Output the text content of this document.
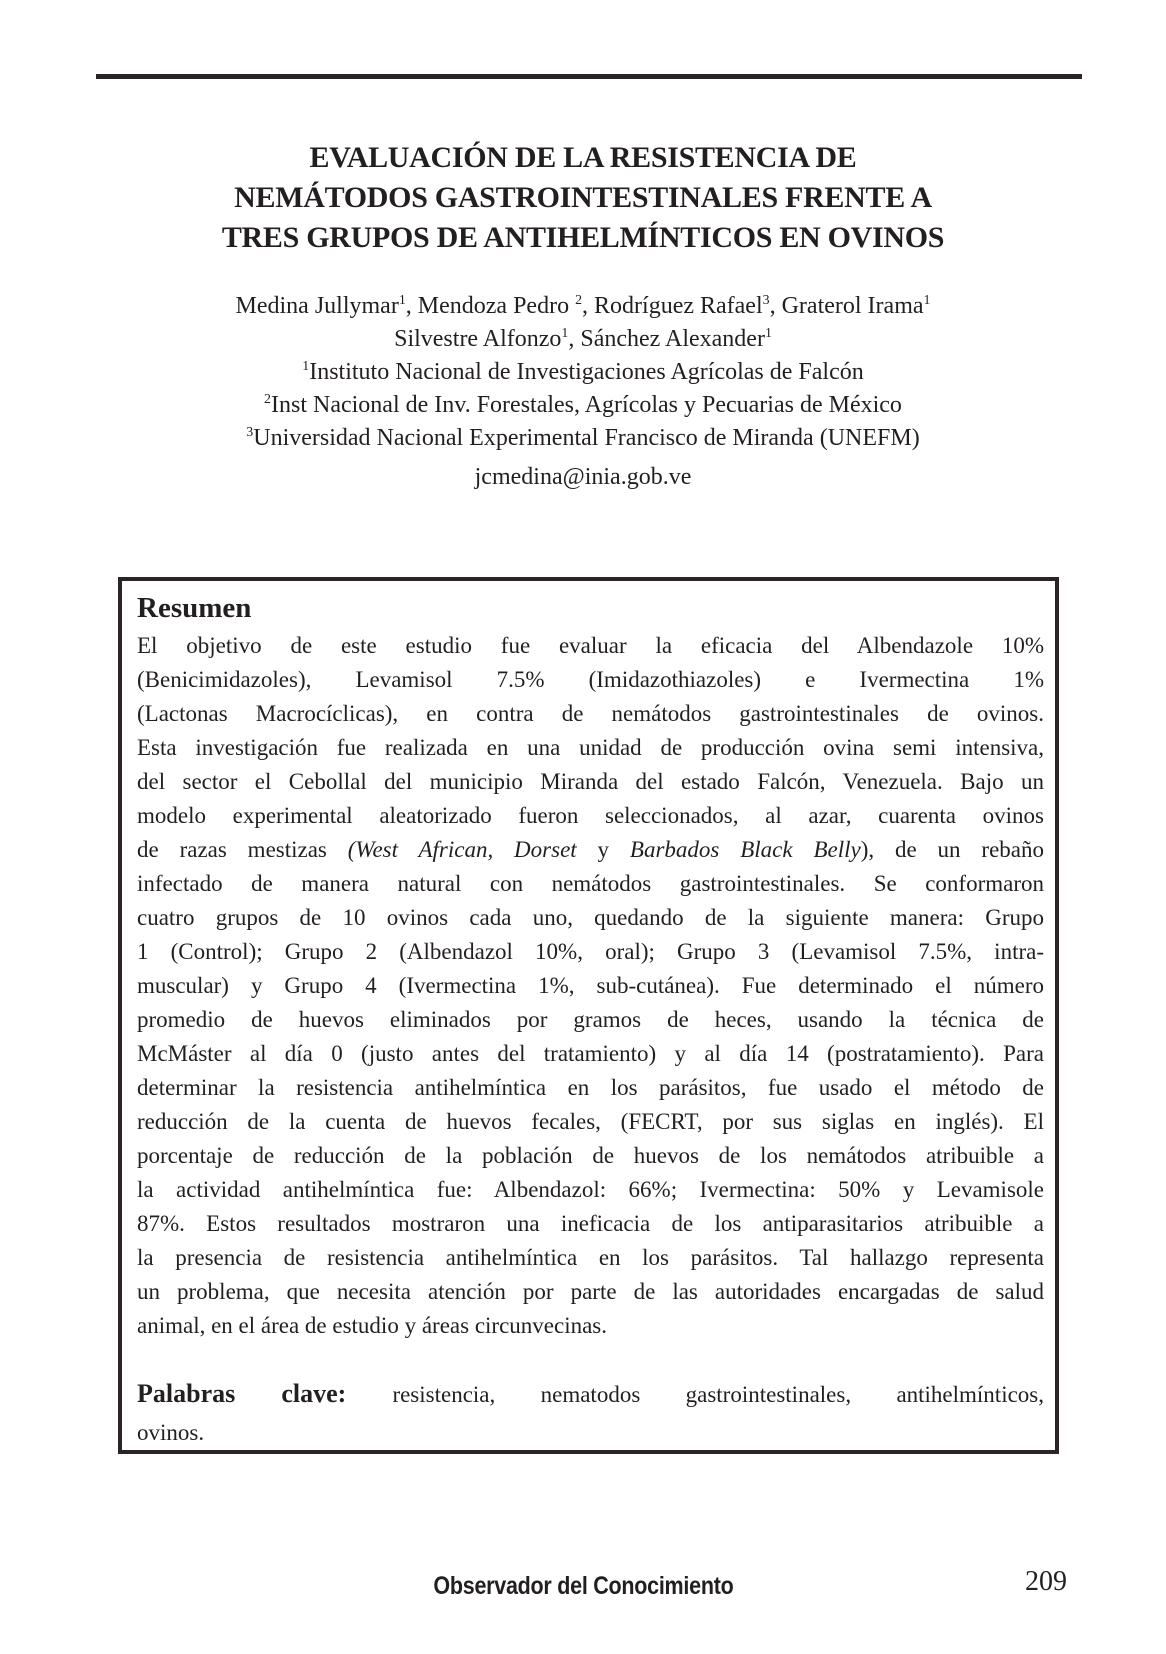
EVALUACIÓN DE LA RESISTENCIA DE
NEMÁTODOS GASTROINTESTINALES FRENTE A
TRES GRUPOS DE ANTIHELMÍNTICOS EN OVINOS
Medina Jullymar$^1$, Mendoza Pedro $^2$, Rodríguez Rafael$^3$, Graterol Irama$^1$
Silvestre Alfonzo$^1$, Sánchez Alexander$^1$
$^1$Instituto Nacional de Investigaciones Agrícolas de Falcón
$^2$Inst Nacional de Inv. Forestales, Agrícolas y Pecuarias de México
$^3$Universidad Nacional Experimental Francisco de Miranda (UNEFM)
jcmedina@inia.gob.ve
Resumen
El objetivo de este estudio fue evaluar la eficacia del Albendazole 10%
(Benicimidazoles), Levamisol 7.5% (Imidazothiazoles) e Ivermectina 1%
(Lactonas Macrocíclicas), en contra de nemátodos gastrointestinales de ovinos.
Esta investigación fue realizada en una unidad de producción ovina semi intensiva,
del sector el Cebollal del municipio Miranda del estado Falcón, Venezuela. Bajo un
modelo experimental aleatorizado fueron seleccionados, al azar, cuarenta ovinos
de razas mestizas (West African, Dorset y Barbados Black Belly), de un rebaño
infectado de manera natural con nemátodos gastrointestinales. Se conformaron
cuatro grupos de 10 ovinos cada uno, quedando de la siguiente manera: Grupo
1 (Control); Grupo 2 (Albendazol 10%, oral); Grupo 3 (Levamisol 7.5%, intra-
muscular) y Grupo 4 (Ivermectina 1%, sub-cutánea). Fue determinado el número
promedio de huevos eliminados por gramos de heces, usando la técnica de
McMáster al día 0 (justo antes del tratamiento) y al día 14 (postratamiento). Para
determinar la resistencia antihelmíntica en los parásitos, fue usado el método de
reducción de la cuenta de huevos fecales, (FECRT, por sus siglas en inglés). El
porcentaje de reducción de la población de huevos de los nemátodos atribuible a
la actividad antihelmíntica fue: Albendazol: 66%; Ivermectina: 50% y Levamisole
87%. Estos resultados mostraron una ineficacia de los antiparasitarios atribuible a
la presencia de resistencia antihelmíntica en los parásitos. Tal hallazgo representa
un problema, que necesita atención por parte de las autoridades encargadas de salud
animal, en el área de estudio y áreas circunvecinas.
Palabras clave: resistencia, nematodos gastrointestinales, antihelmínticos,
ovinos.
Observador del Conocimiento	209
